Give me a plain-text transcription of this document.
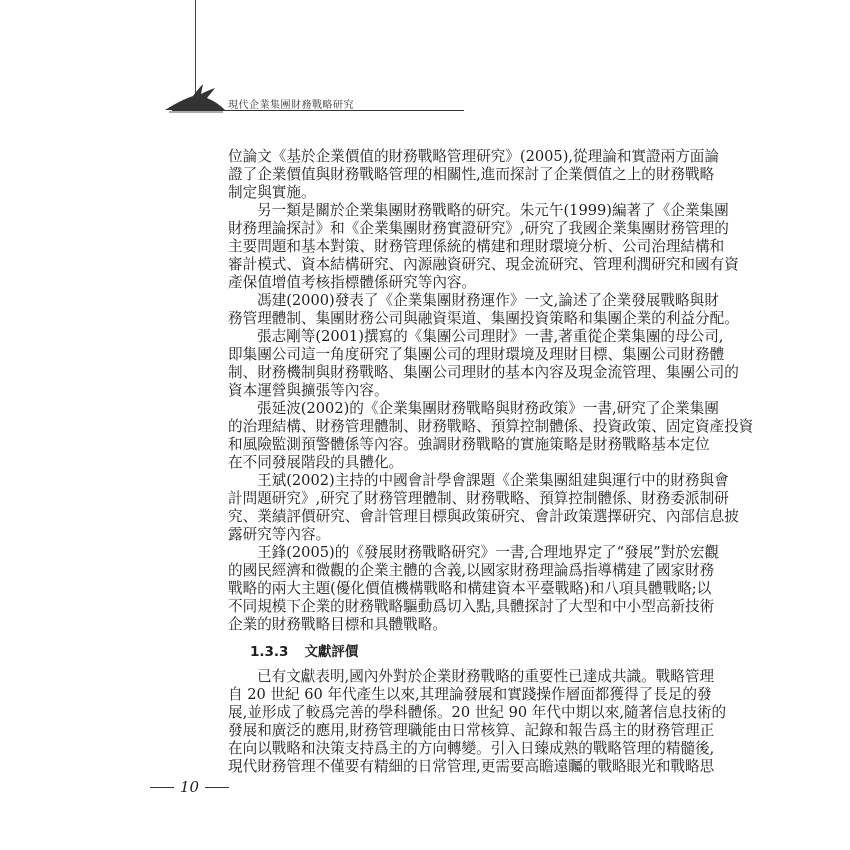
現代企業集團財務戰略研究
位論文《基於企業價值的財務戰略管理研究》(2005),從理論和實證兩方面論
證了企業價值與財務戰略管理的相關性,進而探討了企業價值之上的財務戰略
制定與實施。
另一類是關於企業集團財務戰略的研究。朱元午(1999)編著了《企業集團
財務理論探討》和《企業集團財務實證研究》,研究了我國企業集團財務管理的
主要問題和基本對策、財務管理係統的構建和理財環境分析、公司治理結構和
審計模式、資本結構研究、內源融資研究、現金流研究、管理利潤研究和國有資
產保值增值考核指標體係研究等內容。
馮建(2000)發表了《企業集團財務運作》一文,論述了企業發展戰略與財
務管理體制、集團財務公司與融資渠道、集團投資策略和集團企業的利益分配。
張志剛等(2001)撰寫的《集團公司理財》一書,著重從企業集團的母公司,
即集團公司這一角度研究了集團公司的理財環境及理財目標、集團公司財務體
制、財務機制與財務戰略、集團公司理財的基本內容及現金流管理、集團公司的
資本運營與擴張等內容。
張延波(2002)的《企業集團財務戰略與財務政策》一書,研究了企業集團
的治理結構、財務管理體制、財務戰略、預算控制體係、投資政策、固定資產投資
和風險監測預警體係等內容。強調財務戰略的實施策略是財務戰略基本定位
在不同發展階段的具體化。
王斌(2002)主持的中國會計學會課題《企業集團組建與運行中的財務與會
計問題研究》,研究了財務管理體制、財務戰略、預算控制體係、財務委派制研
究、業績評價研究、會計管理目標與政策研究、會計政策選擇研究、內部信息披
露研究等內容。
王鋒(2005)的《發展財務戰略研究》一書,合理地界定了“發展”對於宏觀
的國民經濟和微觀的企業主體的含義,以國家財務理論爲指導構建了國家財務
戰略的兩大主題(優化價值機構戰略和構建資本平臺戰略)和八項具體戰略;以
不同規模下企業的財務戰略驅動爲切入點,具體探討了大型和中小型高新技術
企業的財務戰略目標和具體戰略。
1.3.3 文獻評價
已有文獻表明,國內外對於企業財務戰略的重要性已達成共識。戰略管理
自 20 世紀 60 年代產生以來,其理論發展和實踐操作層面都獲得了長足的發
展,並形成了較爲完善的學科體係。20 世紀 90 年代中期以來,隨著信息技術的
發展和廣泛的應用,財務管理職能由日常核算、記錄和報告爲主的財務管理正
在向以戰略和決策支持爲主的方向轉變。引入日臻成熟的戰略管理的精髓後,
現代財務管理不僅要有精細的日常管理,更需要高瞻遠矚的戰略眼光和戰略思
10
